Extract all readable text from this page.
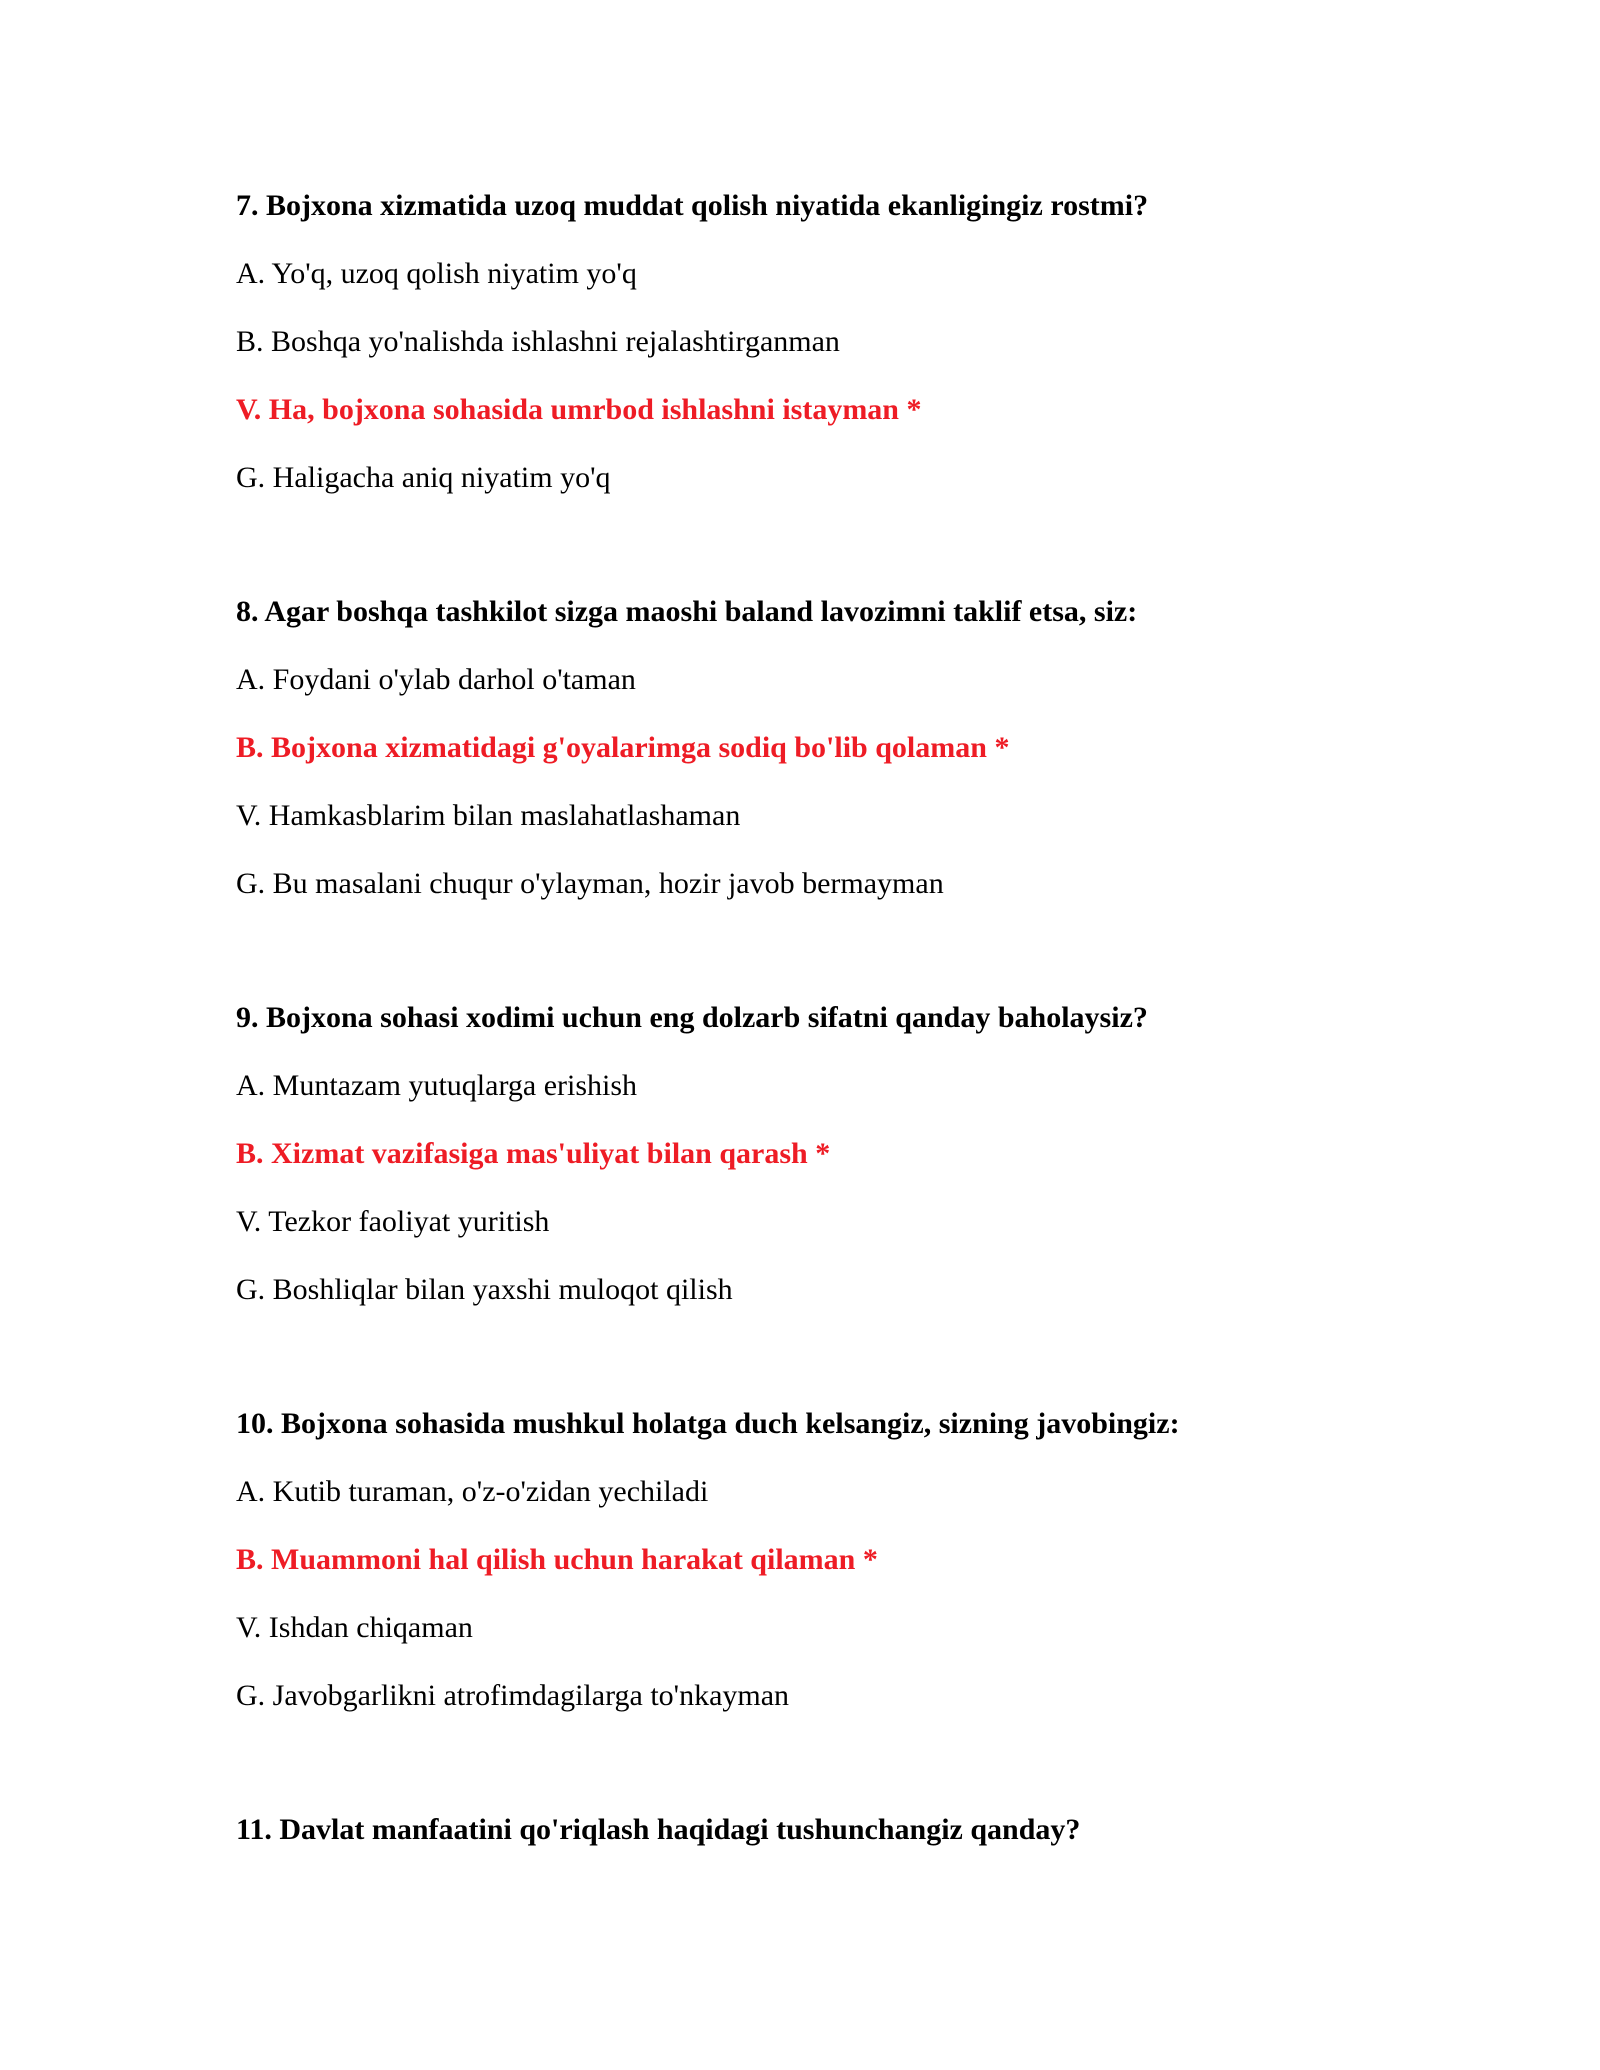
7. Bojxona xizmatida uzoq muddat qolish niyatida ekanligingiz rostmi?
A. Yo'q, uzoq qolish niyatim yo'q
B. Boshqa yo'nalishda ishlashni rejalashtirganman
V. Ha, bojxona sohasida umrbod ishlashni istayman *
G. Haligacha aniq niyatim yo'q
8. Agar boshqa tashkilot sizga maoshi baland lavozimni taklif etsa, siz:
A. Foydani o'ylab darhol o'taman
B. Bojxona xizmatidagi g'oyalarimga sodiq bo'lib qolaman *
V. Hamkasblarim bilan maslahatlashaman
G. Bu masalani chuqur o'ylayman, hozir javob bermayman
9. Bojxona sohasi xodimi uchun eng dolzarb sifatni qanday baholaysiz?
A. Muntazam yutuqlarga erishish
B. Xizmat vazifasiga mas'uliyat bilan qarash *
V. Tezkor faoliyat yuritish
G. Boshliqlar bilan yaxshi muloqot qilish
10. Bojxona sohasida mushkul holatga duch kelsangiz, sizning javobingiz:
A. Kutib turaman, o'z-o'zidan yechiladi
B. Muammoni hal qilish uchun harakat qilaman *
V. Ishdan chiqaman
G. Javobgarlikni atrofimdagilarga to'nkayman
11. Davlat manfaatini qo'riqlash haqidagi tushunchangiz qanday?
